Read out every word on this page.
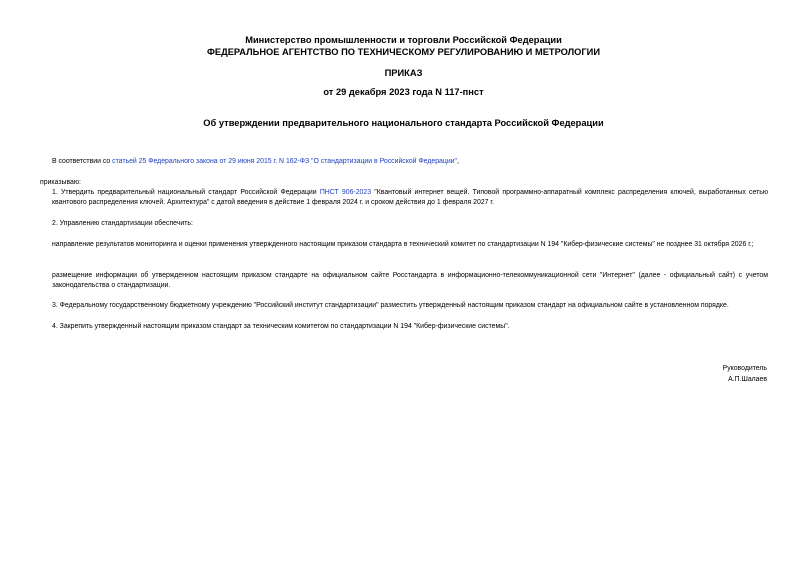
Министерство промышленности и торговли Российской Федерации
ФЕДЕРАЛЬНОЕ АГЕНТСТВО ПО ТЕХНИЧЕСКОМУ РЕГУЛИРОВАНИЮ И МЕТРОЛОГИИ
ПРИКАЗ
от 29 декабря 2023 года N 117-пнст
Об утверждении предварительного национального стандарта Российской Федерации
В соответствии со статьей 25 Федерального закона от 29 июня 2015 г. N 162-ФЗ "О стандартизации в Российской Федерации",
приказываю:
1. Утвердить предварительный национальный стандарт Российской Федерации ПНСТ 906-2023 "Квантовый интернет вещей. Типовой программно-аппаратный комплекс распределения ключей, выработанных сетью квантового распределения ключей. Архитектура" с датой введения в действие 1 февраля 2024 г. и сроком действия до 1 февраля 2027 г.
2. Управлению стандартизации обеспечить:
направление результатов мониторинга и оценки применения утвержденного настоящим приказом стандарта в технический комитет по стандартизации N 194 "Кибер-физические системы" не позднее 31 октября 2026 г.;
размещение информации об утвержденном настоящим приказом стандарте на официальном сайте Росстандарта в информационно-телекоммуникационной сети "Интернет" (далее - официальный сайт) с учетом законодательства о стандартизации.
3. Федеральному государственному бюджетному учреждению "Российский институт стандартизации" разместить утвержденный настоящим приказом стандарт на официальном сайте в установленном порядке.
4. Закрепить утвержденный настоящим приказом стандарт за техническим комитетом по стандартизации N 194 "Кибер-физические системы".
Руководитель
А.П.Шалаев
